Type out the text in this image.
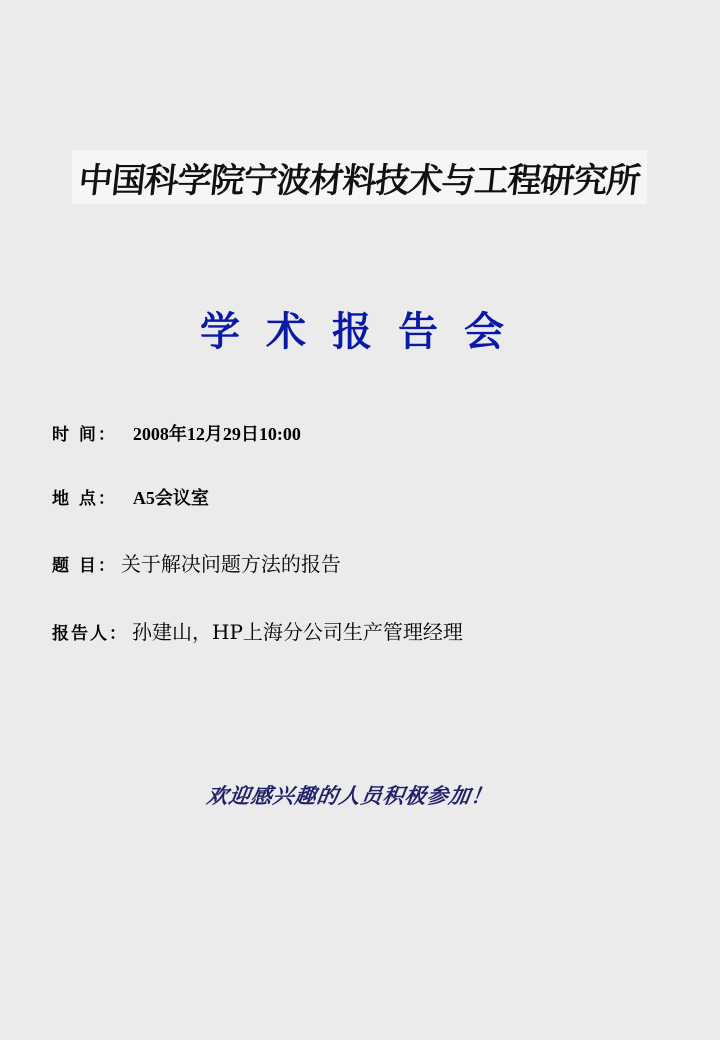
中国科学院宁波材料技术与工程研究所
学术报告会
时 间： 2008年12月29日10:00
地 点： A5会议室
题 目： 关于解决问题方法的报告
报告人： 孙建山，HP上海分公司生产管理经理
欢迎感兴趣的人员积极参加！
